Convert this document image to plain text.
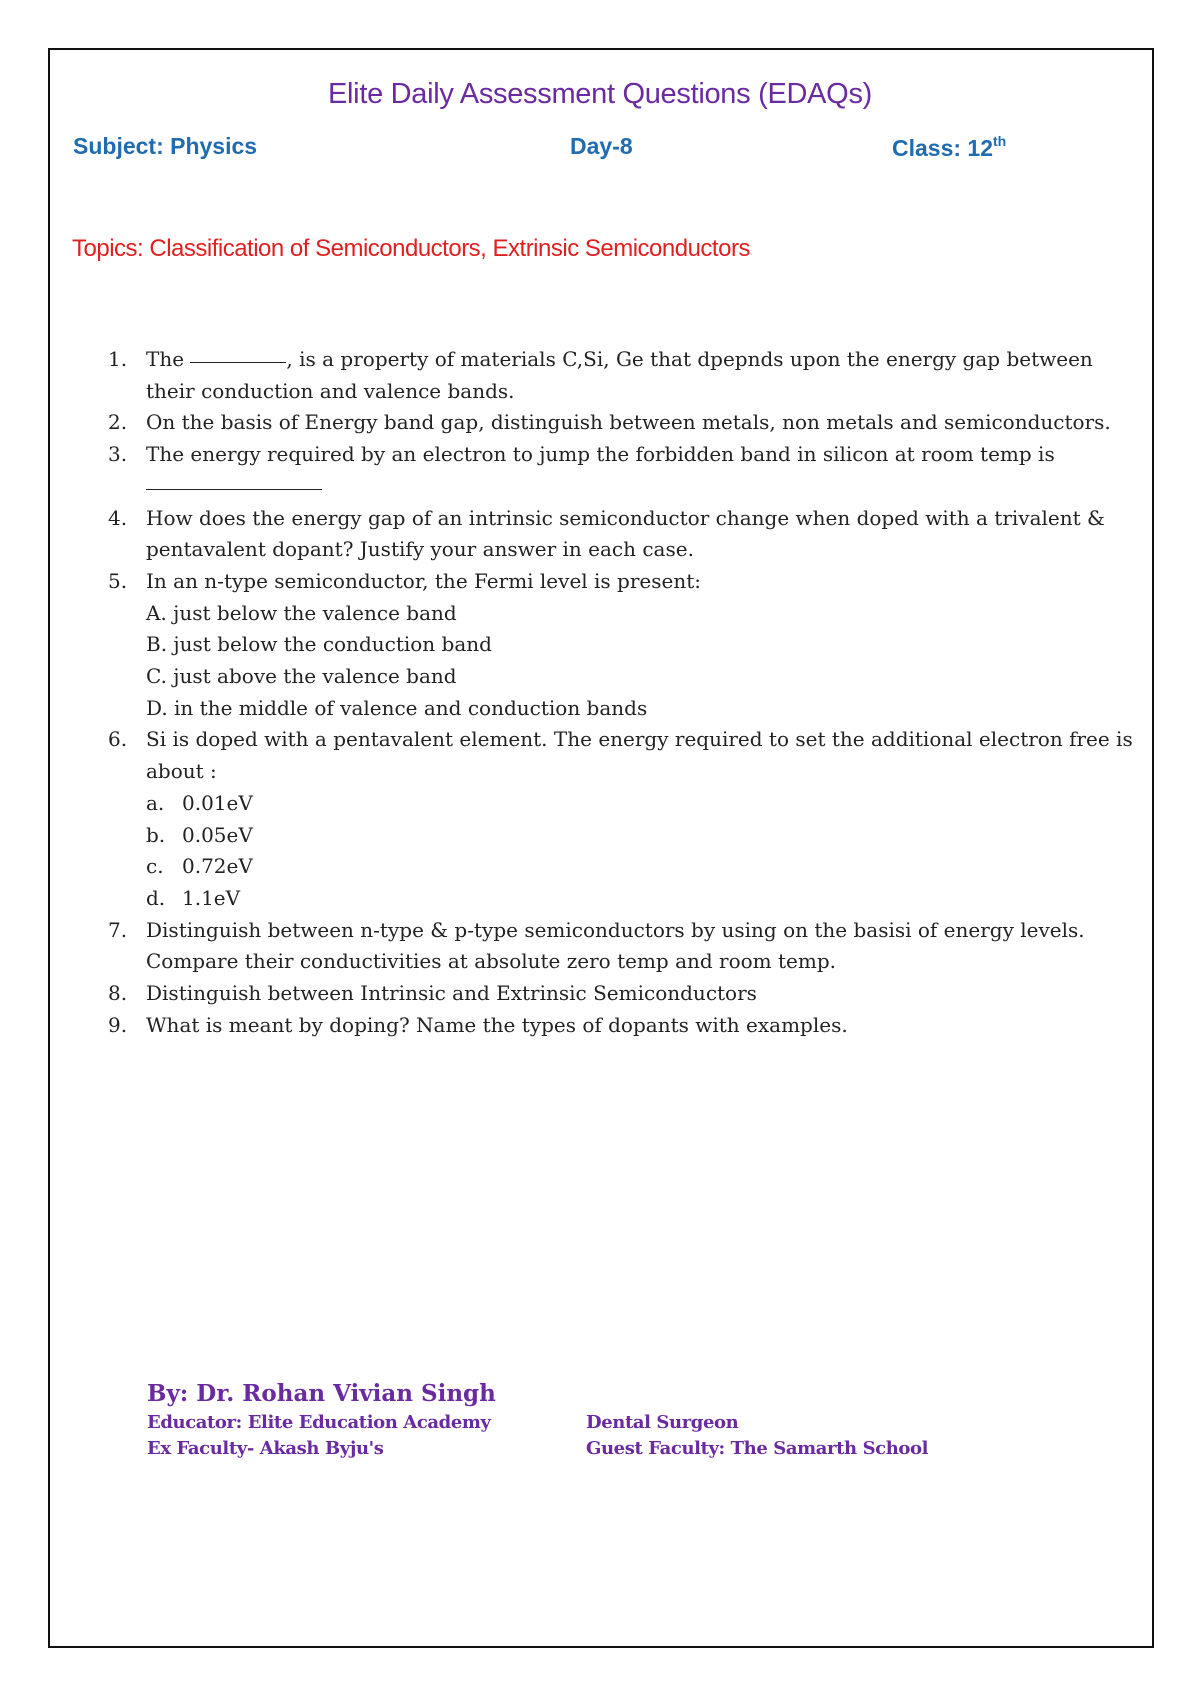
Elite Daily Assessment Questions (EDAQs)
Subject: Physics	Day-8	Class: 12th
Topics: Classification of Semiconductors, Extrinsic Semiconductors
1. The	, is a property of materials C,Si, Ge that dpepnds upon the energy gap between their conduction and valence bands.
2. On the basis of Energy band gap, distinguish between metals, non metals and semiconductors.
3. The energy required by an electron to jump the forbidden band in silicon at room temp is
4. How does the energy gap of an intrinsic semiconductor change when doped with a trivalent & pentavalent dopant? Justify your answer in each case.
5. In an n-type semiconductor, the Fermi level is present:
A. just below the valence band
B. just below the conduction band
C. just above the valence band
D. in the middle of valence and conduction bands
6. Si is doped with a pentavalent element. The energy required to set the additional electron free is about :
a. 0.01eV
b. 0.05eV
c. 0.72eV
d. 1.1eV
7. Distinguish between n-type & p-type semiconductors by using on the basisi of energy levels. Compare their conductivities at absolute zero temp and room temp.
8. Distinguish between Intrinsic and Extrinsic Semiconductors
9. What is meant by doping? Name the types of dopants with examples.
By: Dr. Rohan Vivian Singh
Educator: Elite Education Academy
Ex Faculty- Akash Byju's
Dental Surgeon
Guest Faculty: The Samarth School
